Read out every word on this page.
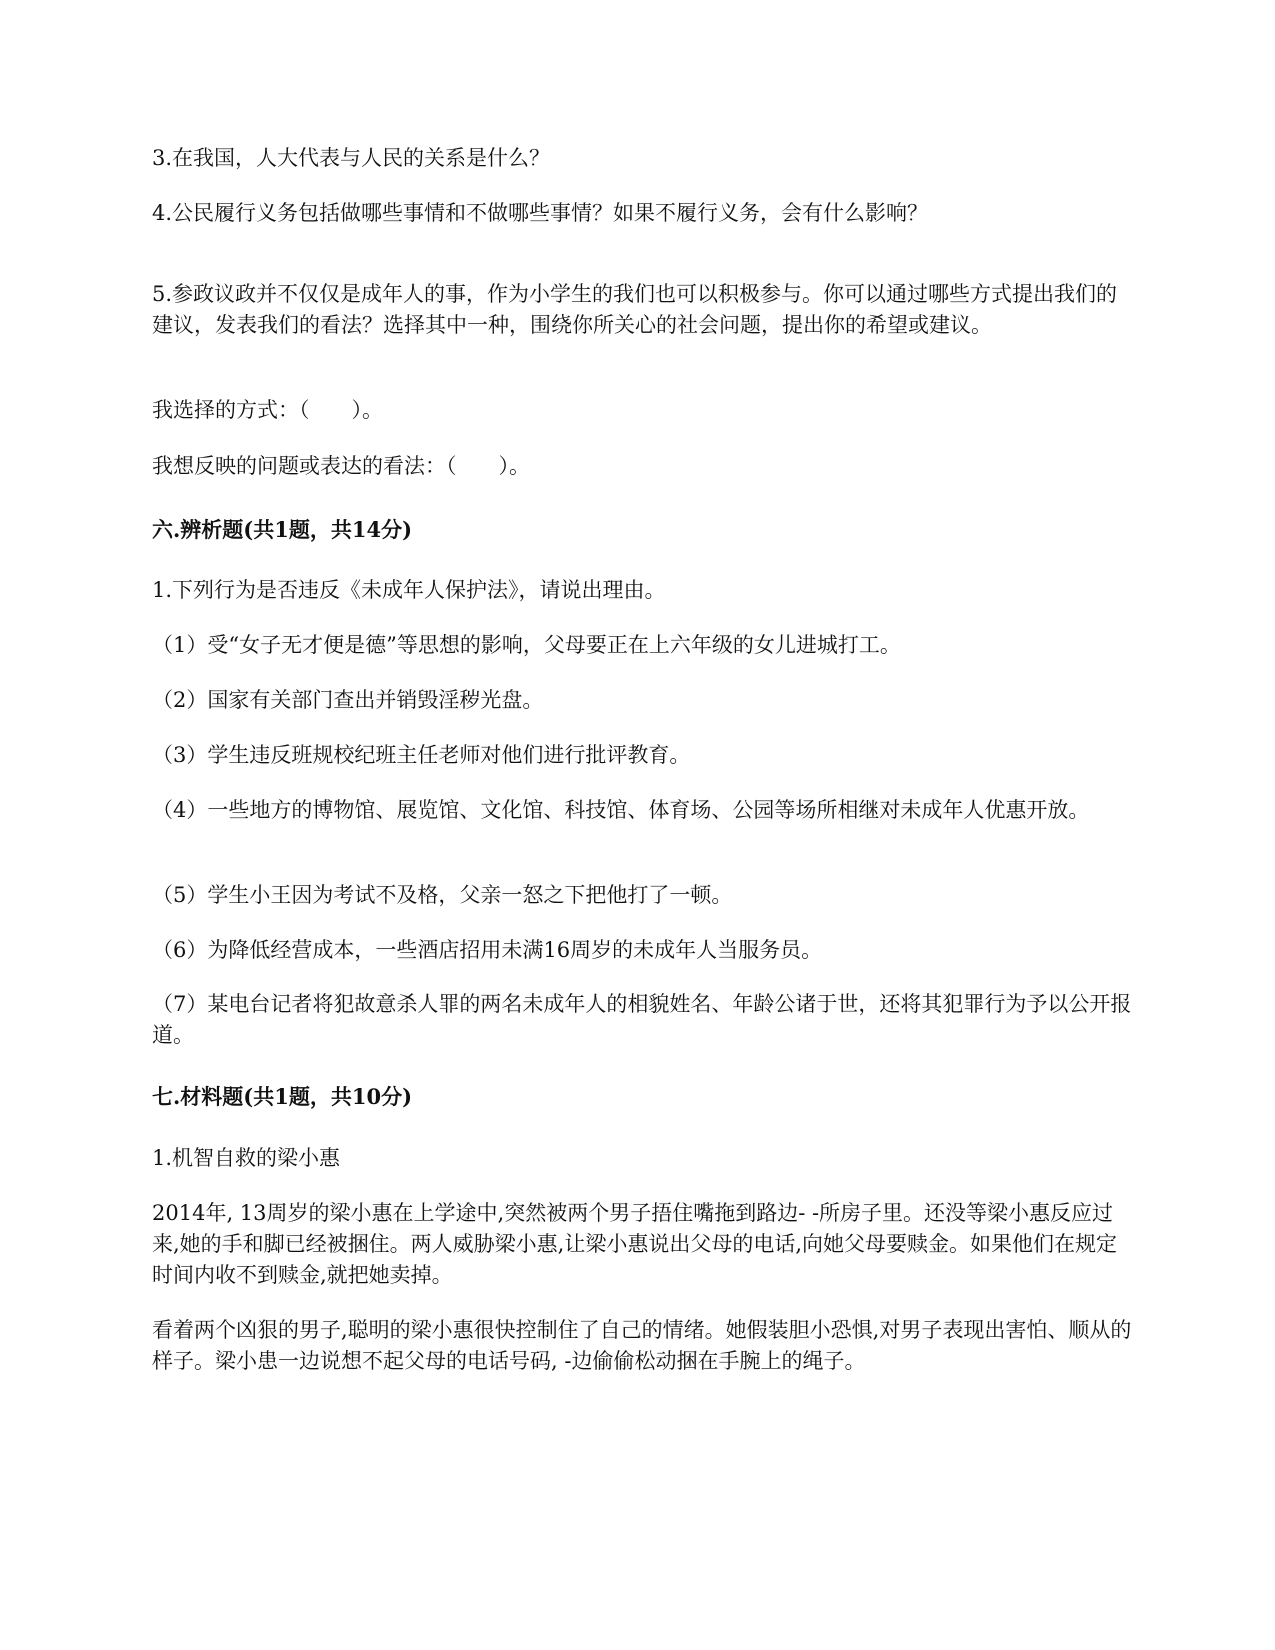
3.在我国，人大代表与人民的关系是什么？

4.公民履行义务包括做哪些事情和不做哪些事情？如果不履行义务，会有什么影响？

5.参政议政并不仅仅是成年人的事，作为小学生的我们也可以积极参与。你可以通过哪些方式提出我们的建议，发表我们的看法？选择其中一种，围绕你所关心的社会问题，提出你的希望或建议。

我选择的方式：（　　）。

我想反映的问题或表达的看法：（　　）。

六.辨析题(共1题，共14分)

1.下列行为是否违反《未成年人保护法》，请说出理由。

（1）受“女子无才便是德”等思想的影响，父母要正在上六年级的女儿进城打工。

（2）国家有关部门查出并销毁淫秽光盘。

（3）学生违反班规校纪班主任老师对他们进行批评教育。

（4）一些地方的博物馆、展览馆、文化馆、科技馆、体育场、公园等场所相继对未成年人优惠开放。

（5）学生小王因为考试不及格，父亲一怒之下把他打了一顿。

（6）为降低经营成本，一些酒店招用未满16周岁的未成年人当服务员。

（7）某电台记者将犯故意杀人罪的两名未成年人的相貌姓名、年龄公诸于世，还将其犯罪行为予以公开报道。

七.材料题(共1题，共10分)

1.机智自救的梁小惠

2014年, 13周岁的梁小惠在上学途中,突然被两个男子捂住嘴拖到路边- -所房子里。还没等梁小惠反应过来,她的手和脚已经被捆住。两人威胁梁小惠,让梁小惠说出父母的电话,向她父母要赎金。如果他们在规定时间内收不到赎金,就把她卖掉。

看着两个凶狠的男子,聪明的梁小惠很快控制住了自己的情绪。她假装胆小恐惧,对男子表现出害怕、顺从的样子。梁小患一边说想不起父母的电话号码, -边偷偷松动捆在手腕上的绳子。
